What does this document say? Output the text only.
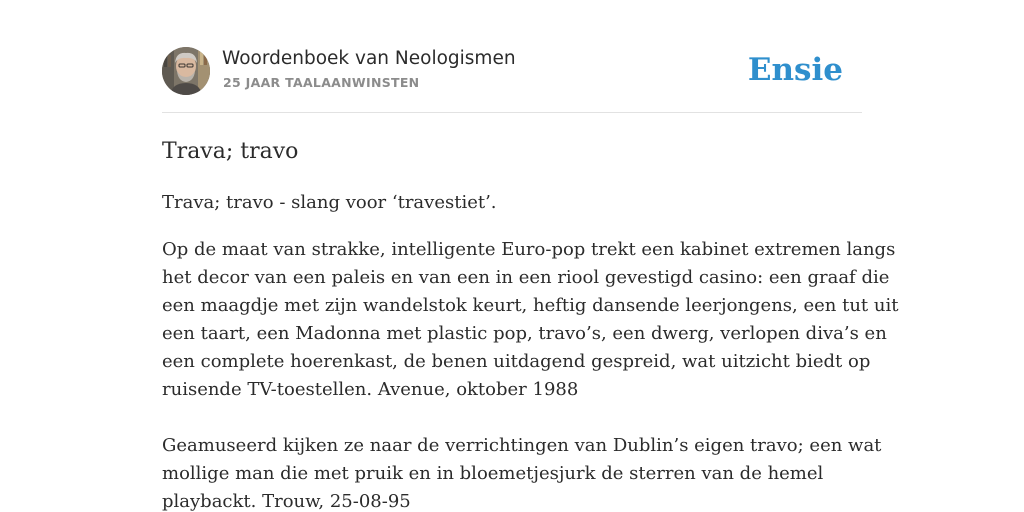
Woordenboek van Neologismen
25 JAAR TAALAANWINSTEN	Ensie
Trava; travo

Trava; travo - slang voor ‘travestiet’.

Op de maat van strakke, intelligente Euro-pop trekt een kabinet extremen langs
het decor van een paleis en van een in een riool gevestigd casino: een graaf die
een maagdje met zijn wandelstok keurt, heftig dansende leerjongens, een tut uit
een taart, een Madonna met plastic pop, travo’s, een dwerg, verlopen diva’s en
een complete hoerenkast, de benen uitdagend gespreid, wat uitzicht biedt op
ruisende TV-toestellen. Avenue, oktober 1988
Geamuseerd kijken ze naar de verrichtingen van Dublin’s eigen travo; een wat
mollige man die met pruik en in bloemetjesjurk de sterren van de hemel
playbackt. Trouw, 25-08-95
